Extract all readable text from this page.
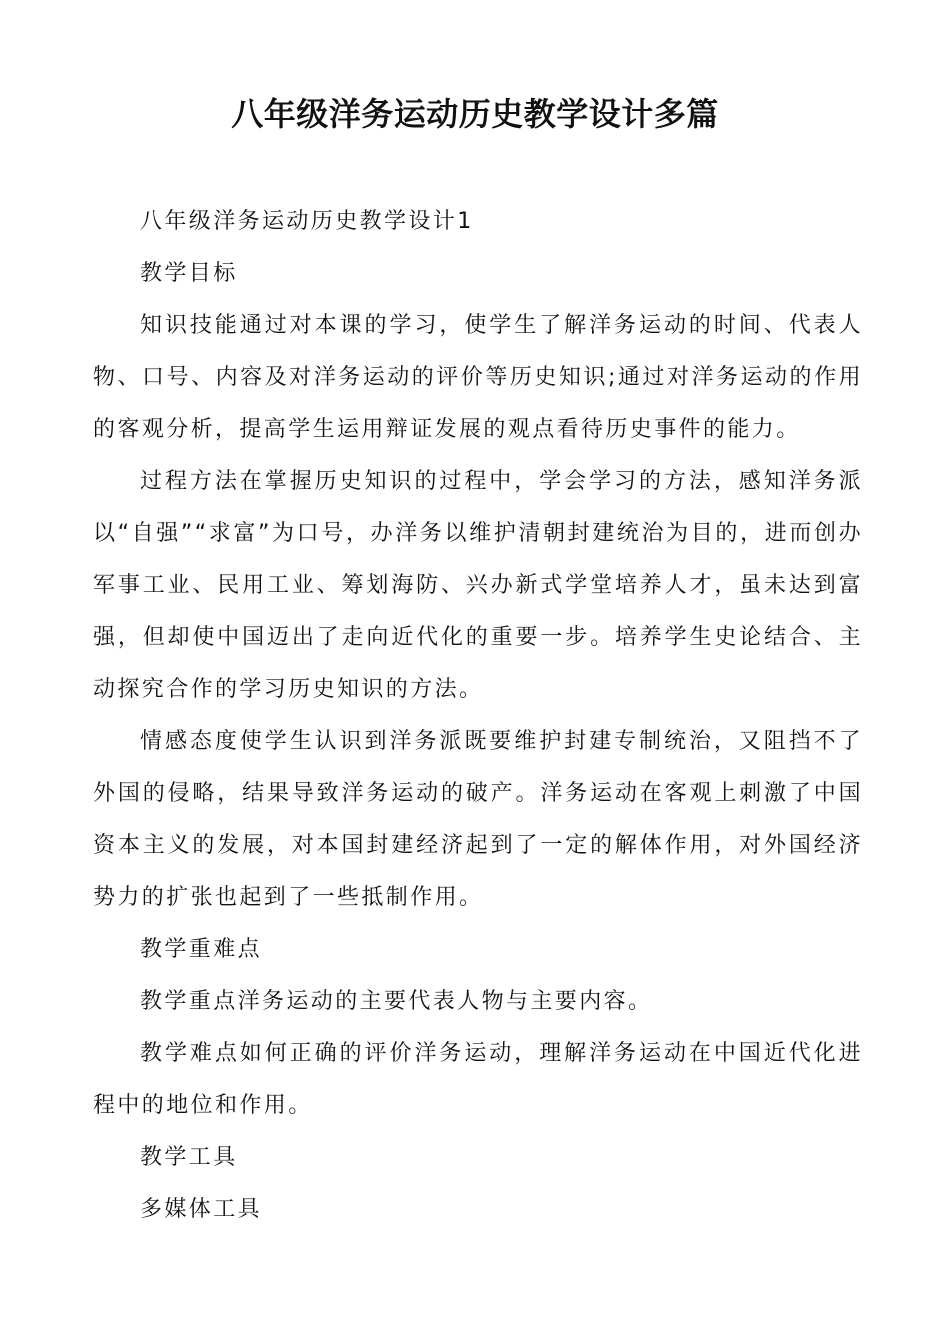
八年级洋务运动历史教学设计多篇

八年级洋务运动历史教学设计1

教学目标

知识技能通过对本课的学习，使学生了解洋务运动的时间、代表人物、口号、内容及对洋务运动的评价等历史知识;通过对洋务运动的作用的客观分析，提高学生运用辩证发展的观点看待历史事件的能力。

过程方法在掌握历史知识的过程中，学会学习的方法，感知洋务派以“自强”“求富”为口号，办洋务以维护清朝封建统治为目的，进而创办军事工业、民用工业、筹划海防、兴办新式学堂培养人才，虽未达到富强，但却使中国迈出了走向近代化的重要一步。培养学生史论结合、主动探究合作的学习历史知识的方法。

情感态度使学生认识到洋务派既要维护封建专制统治，又阻挡不了外国的侵略，结果导致洋务运动的破产。洋务运动在客观上刺激了中国资本主义的发展，对本国封建经济起到了一定的解体作用，对外国经济势力的扩张也起到了一些抵制作用。

教学重难点

教学重点洋务运动的主要代表人物与主要内容。

教学难点如何正确的评价洋务运动，理解洋务运动在中国近代化进程中的地位和作用。

教学工具

多媒体工具
